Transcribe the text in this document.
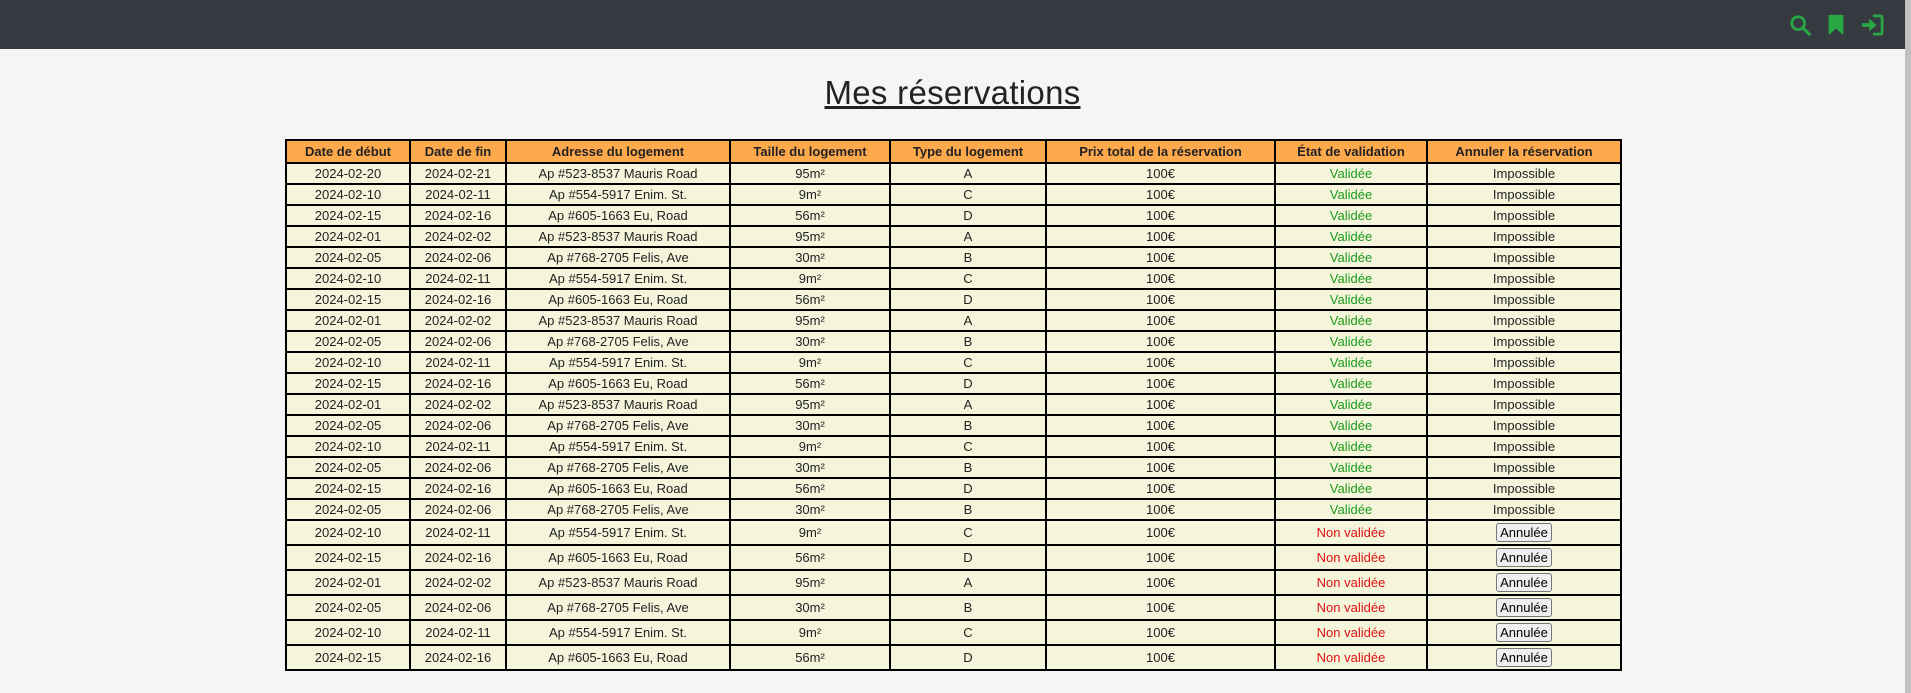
Mes réservations
Date de début	Date de fin	Adresse du logement	Taille du logement	Type du logement	Prix total de la réservation	État de validation	Annuler la réservation
2024-02-20	2024-02-21	Ap #523-8537 Mauris Road	95m²	A	100€	Validée	Impossible
2024-02-10	2024-02-11	Ap #554-5917 Enim. St.	9m²	C	100€	Validée	Impossible
2024-02-15	2024-02-16	Ap #605-1663 Eu, Road	56m²	D	100€	Validée	Impossible
2024-02-01	2024-02-02	Ap #523-8537 Mauris Road	95m²	A	100€	Validée	Impossible
2024-02-05	2024-02-06	Ap #768-2705 Felis, Ave	30m²	B	100€	Validée	Impossible
2024-02-10	2024-02-11	Ap #554-5917 Enim. St.	9m²	C	100€	Validée	Impossible
2024-02-15	2024-02-16	Ap #605-1663 Eu, Road	56m²	D	100€	Validée	Impossible
2024-02-01	2024-02-02	Ap #523-8537 Mauris Road	95m²	A	100€	Validée	Impossible
2024-02-05	2024-02-06	Ap #768-2705 Felis, Ave	30m²	B	100€	Validée	Impossible
2024-02-10	2024-02-11	Ap #554-5917 Enim. St.	9m²	C	100€	Validée	Impossible
2024-02-15	2024-02-16	Ap #605-1663 Eu, Road	56m²	D	100€	Validée	Impossible
2024-02-01	2024-02-02	Ap #523-8537 Mauris Road	95m²	A	100€	Validée	Impossible
2024-02-05	2024-02-06	Ap #768-2705 Felis, Ave	30m²	B	100€	Validée	Impossible
2024-02-10	2024-02-11	Ap #554-5917 Enim. St.	9m²	C	100€	Validée	Impossible
2024-02-05	2024-02-06	Ap #768-2705 Felis, Ave	30m²	B	100€	Validée	Impossible
2024-02-15	2024-02-16	Ap #605-1663 Eu, Road	56m²	D	100€	Validée	Impossible
2024-02-05	2024-02-06	Ap #768-2705 Felis, Ave	30m²	B	100€	Validée	Impossible
2024-02-10	2024-02-11	Ap #554-5917 Enim. St.	9m²	C	100€	Non validée	Annulée
2024-02-15	2024-02-16	Ap #605-1663 Eu, Road	56m²	D	100€	Non validée	Annulée
2024-02-01	2024-02-02	Ap #523-8537 Mauris Road	95m²	A	100€	Non validée	Annulée
2024-02-05	2024-02-06	Ap #768-2705 Felis, Ave	30m²	B	100€	Non validée	Annulée
2024-02-10	2024-02-11	Ap #554-5917 Enim. St.	9m²	C	100€	Non validée	Annulée
2024-02-15	2024-02-16	Ap #605-1663 Eu, Road	56m²	D	100€	Non validée	Annulée
